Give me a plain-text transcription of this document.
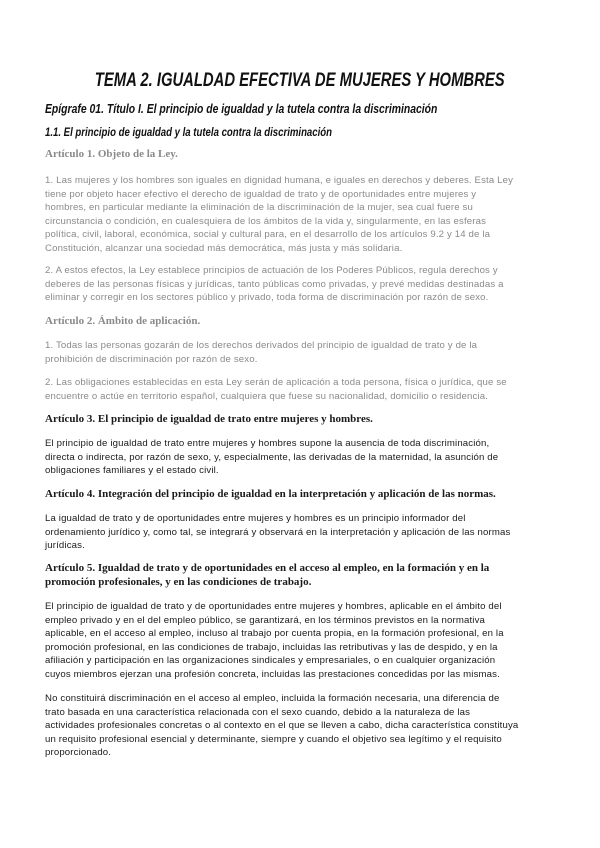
TEMA 2. IGUALDAD EFECTIVA DE MUJERES Y HOMBRES
Epígrafe 01. Título I. El principio de igualdad y la tutela contra la discriminación
1.1. El principio de igualdad y la tutela contra la discriminación
Artículo 1. Objeto de la Ley.
1. Las mujeres y los hombres son iguales en dignidad humana, e iguales en derechos y deberes. Esta Ley
tiene por objeto hacer efectivo el derecho de igualdad de trato y de oportunidades entre mujeres y
hombres, en particular mediante la eliminación de la discriminación de la mujer, sea cual fuere su
circunstancia o condición, en cualesquiera de los ámbitos de la vida y, singularmente, en las esferas
política, civil, laboral, económica, social y cultural para, en el desarrollo de los artículos 9.2 y 14 de la
Constitución, alcanzar una sociedad más democrática, más justa y más solidaria.
2. A estos efectos, la Ley establece principios de actuación de los Poderes Públicos, regula derechos y
deberes de las personas físicas y jurídicas, tanto públicas como privadas, y prevé medidas destinadas a
eliminar y corregir en los sectores público y privado, toda forma de discriminación por razón de sexo.
Artículo 2. Ámbito de aplicación.
1. Todas las personas gozarán de los derechos derivados del principio de igualdad de trato y de la
prohibición de discriminación por razón de sexo.
2. Las obligaciones establecidas en esta Ley serán de aplicación a toda persona, física o jurídica, que se
encuentre o actúe en territorio español, cualquiera que fuese su nacionalidad, domicilio o residencia.
Artículo 3. El principio de igualdad de trato entre mujeres y hombres.
El principio de igualdad de trato entre mujeres y hombres supone la ausencia de toda discriminación,
directa o indirecta, por razón de sexo, y, especialmente, las derivadas de la maternidad, la asunción de
obligaciones familiares y el estado civil.
Artículo 4. Integración del principio de igualdad en la interpretación y aplicación de las normas.
La igualdad de trato y de oportunidades entre mujeres y hombres es un principio informador del
ordenamiento jurídico y, como tal, se integrará y observará en la interpretación y aplicación de las normas
jurídicas.
Artículo 5. Igualdad de trato y de oportunidades en el acceso al empleo, en la formación y en la
promoción profesionales, y en las condiciones de trabajo.
El principio de igualdad de trato y de oportunidades entre mujeres y hombres, aplicable en el ámbito del
empleo privado y en el del empleo público, se garantizará, en los términos previstos en la normativa
aplicable, en el acceso al empleo, incluso al trabajo por cuenta propia, en la formación profesional, en la
promoción profesional, en las condiciones de trabajo, incluidas las retributivas y las de despido, y en la
afiliación y participación en las organizaciones sindicales y empresariales, o en cualquier organización
cuyos miembros ejerzan una profesión concreta, incluidas las prestaciones concedidas por las mismas.
No constituirá discriminación en el acceso al empleo, incluida la formación necesaria, una diferencia de
trato basada en una característica relacionada con el sexo cuando, debido a la naturaleza de las
actividades profesionales concretas o al contexto en el que se lleven a cabo, dicha característica constituya
un requisito profesional esencial y determinante, siempre y cuando el objetivo sea legítimo y el requisito
proporcionado.
